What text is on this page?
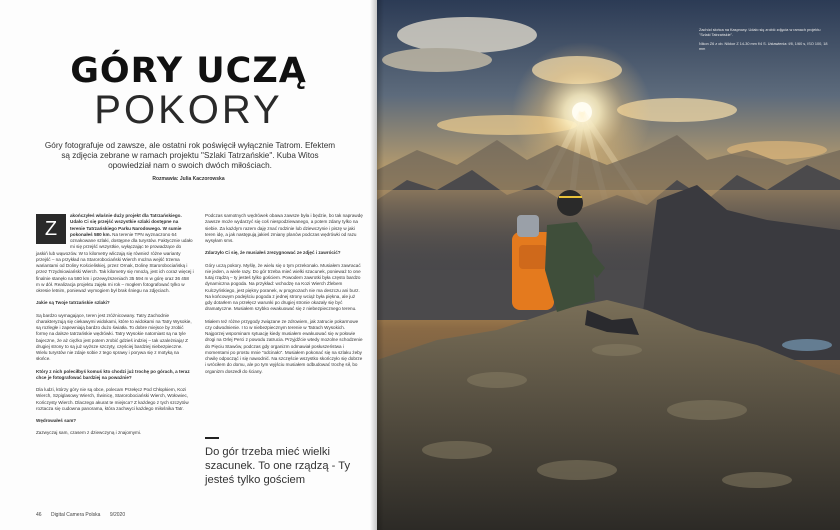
GÓRY UCZĄ
POKORY

Góry fotografuje od zawsze, ale ostatni rok poświęcił wyłącznie Tatrom. Efektem są zdjęcia zebrane w ramach projektu "Szlaki Tatrzańskie". Kuba Witos opowiedział nam o swoich dwóch miłościach.

Rozmawia: Julia Kaczorowska

Z
akończyłeś właśnie duży projekt dla Tatrzańskiego. Udało Ci się przejść wszystkie szlaki dostępne na terenie Tatrzańskiego Parku Narodowego. W sumie pokonałeś 580 km. Na terenie TPN wyznaczono 64 oznakowane szlaki, dostępne dla turystów. Faktycznie udało mi się przejść wszystkie, wyłączając te prowadzące do jaskiń lub wąwozów. W to kilometry wliczają się również różne warianty przejść – na przykład na Starorobociański Wierch można wejść trzema wariantami od Doliny Kościeliskiej, przez Ornak, Dolinę Starorobociańską i przez Trzydniowiański Wierch. Tak kilometry się mnożą, jest ich coraz więcej i finalnie stanęło na 580 km i przewyższeniach 35 594 m w górę oraz 36 458 m w dół. Realizacja projektu zajęła mi rok – mogłem fotografować tylko w okresie letnim, ponieważ wymogiem był brak śniegu na zdjęciach.

Jakie są Twoje tatrzańskie szlaki?

Są bardzo wymagające, teren jest zróżnicowany. Tatry Zachodnie charakteryzują się ciekawymi widokami, które to widokami na Tatry Wysokie, są rozległe i zapewniają bardzo dużo światła. To dobre miejsce by zrobić formę na dalsze tatrzańskie wędrówki. Tatry Wysokie natomiast są na tyle bajeczne, że aż ciężko jest potem zrobić gdzieś indziej – tak uzależniają! Z drugiej strony to są już wyższe szczyty, częściej bardziej niebezpieczne. Wielu turystów nie zdaje sobie z tego sprawy i porywa się z motyką na słońce.

Który z nich poleciłbyś komuś kto chodzi już trochę po górach, a teraz chce je fotografować bardziej na poważnie?

Dla ludzi, którzy góry nie są obce, polecam Przełęcz Pod Chłopkiem, Kozi Wierch, Szpiglasowy Wierch, Świnicę, Starorobociański Wierch, Wołowiec, Kończysty Wierch. Dlaczego akurat te miejsca? Z każdego z tych szczytów roztacza się cudowna panorama, która zachwyci każdego miłośnika Tatr.

Wędrowałeś sam?

Zazwyczaj sam, czasem z dziewczyną i znajomymi.

Podczas samotnych wędrówek obawa zawsze była i będzie, bo tak naprawdę zawsze może wydarzyć się coś niespodziewanego, a potem zdany tylko na siebie. Za każdym razem daję znać rodzinie lub dziewczynie i piszę w jaki teren idę, a jak następują jakieś zmiany planów podczas wędrówki od razu wysyłam sms.

Zdarzyło Ci się, że musiałeś zrezygnować ze zdjęć i zawrócić?

Góry uczą pokory. Myślę, że wielu się o tym przekonało. Musiałem zawracać nie jeden, a wiele razy. Do gór trzeba mieć wielki szacunek, ponieważ to one tutaj rządzą – ty jesteś tylko gościem. Powodem zawrotki była często bardzo dynamiczna pogoda. Na przykład: wchodzę na Kozi Wierch Żlebem Kulczyńskiego, jest piękny poranek, w prognozach nie ma deszczu ani burz. Na końcowym podejściu pogoda z jednej strony wciąż była piękna, ale już gdy dotarłem na przełęcz warunki po drugiej stronie okazały się być dramatyczne. Musiałem szybko ewakuować się z niebezpiecznego terenu.

Miałem też różne przygody związane ze zdrowiem, jak zatrucie pokarmowe czy odwodnienie. I to w niebezpiecznym terenie w Tatrach Wysokich. Najgorzej wspominam sytuację kiedy musiałem ewakuować się w połowie drogi na Orlej Perci z powodu zatrucia. Przyjdźcie wtedy mozolne schodzenie do Pięciu Stawów, podczas gdy organizm odmawiał posłuszeństwa i momentami po prostu mnie "odcinało". Musiałem pokonać się na szlaku żeby chwilę odpocząć i się nawodnić. Na szczęście wszystko skończyło się dobrze i wróciłem do domu, ale po tym wyjściu musiałem odbudować trochę sił, bo organizm doszedł do ściany.

Do gór trzeba mieć wielki szacunek. To one rządzą - Ty jesteś tylko gościem
46 Digital Camera Polska 9/2020
Zachód słońca na Kasprowy. Udało się zrobić zdjęcia w ramach projektu "Szlaki Tatrzańskie".
Nikon Z6 z ob. Nikkor Z 14-30 mm f/4 S. Ustawienia: f/8, 1/60 s, ISO 100, 18 mm
